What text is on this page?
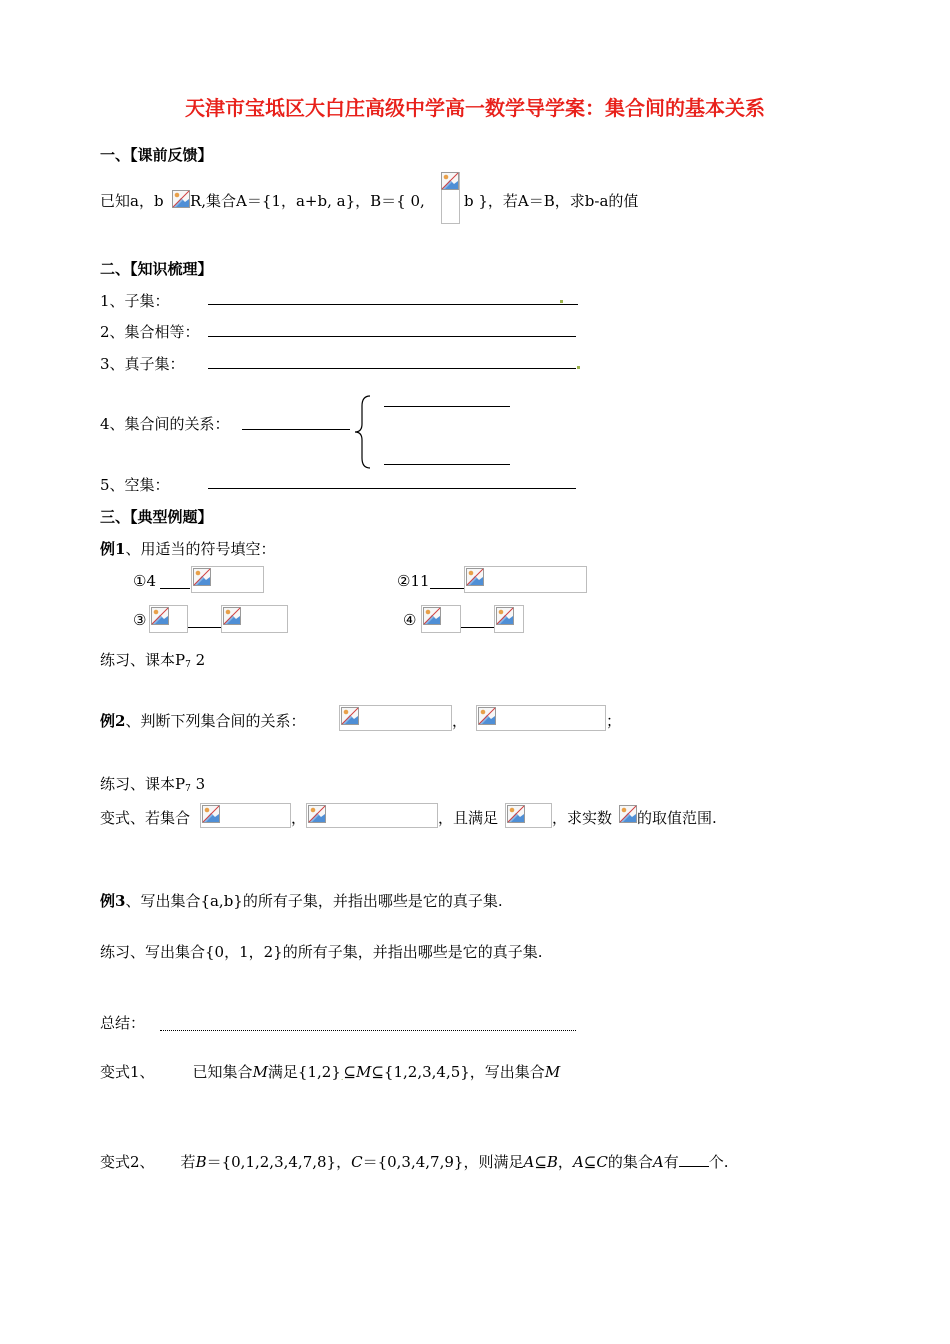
天津市宝坻区大白庄高级中学高一数学导学案：集合间的基本关系
一、【课前反馈】
已知a，b R,集合A＝{1，a+b, a}，B＝{ 0,	b }，若A＝B，求b-a的值
二、【知识梳理】
1、子集：
2、集合相等：
3、真子集：
4、集合间的关系：
5、空集：
三、【典型例题】
例1、用适当的符号填空：
①4	②11
③	④
练习、课本$P_7$ 2
例2、判断下列集合间的关系：	，	；
练习、课本$P_7$ 3
变式、若集合	，	，且满足	，求实数 的取值范围.
例3、写出集合{a,b}的所有子集，并指出哪些是它的真子集.
练习、写出集合{0，1，2}的所有子集，并指出哪些是它的真子集.
总结：
变式1、	已知集合M满足$\{1,2\}_.⊆M⊆\{1,2,3,4,5\}$，写出集合M
变式2、 若B＝{0,1,2,3,4,7,8}，C＝{0,3,4,7,9}，则满足A⊆B，A⊆C的集合A有 个.
